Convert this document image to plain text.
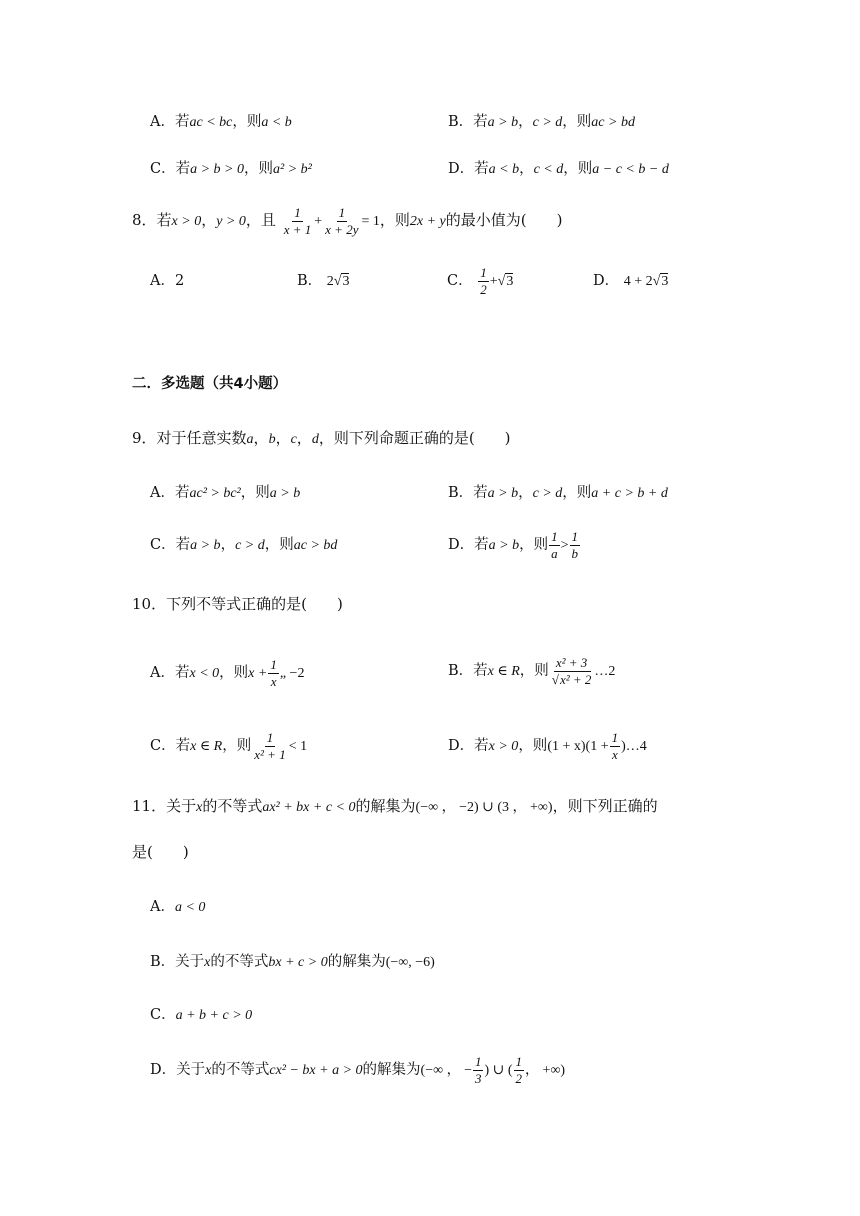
A．若ac < bc，则a < b	B．若a > b，c > d，则ac > bd
C．若a > b > 0，则a² > b²	D．若a < b，c < d，则a − c < b − d
8．若x > 0，y > 0，且 $\frac{1}{x + 1} + \frac{1}{x + 2y} = 1$，则2x + y的最小值为(　　)
A．2	B． 2√3	C． $\frac{1}{2} +√3$	D． 4 + 2√3
二．多选题（共4小题）
9．对于任意实数a，b，c，d，则下列命题正确的是(　　)
A．若ac² > bc²，则a > b	B．若a > b，c > d，则a + c > b + d
C．若a > b，c > d，则ac > bd	D．若a > b，则 $\frac{1}{a} > \frac{1}{b}$
10．下列不等式正确的是(　　)
A．若x < 0，则$x + \frac{1}{x}$ „ −2	B．若x ∈ R，则 $\frac{\text{x² + 3}}{\text{√x² + 2}}$ …2
C．若x ∈ R，则 $\frac{1}{\text{x² + 1}} < 1$	D．若x > 0，则$(1 + x)(1 + \frac{1}{x}$ )…4
11．关于x的不等式ax² + bx + c < 0的解集为(−∞ ， −2) ∪ (3 ， +∞)，则下列正确的
是(　　)
A．a < 0
B．关于x的不等式bx + c > 0的解集为(−∞, −6)
C．a + b + c > 0
D．关于x的不等式cx² − bx + a > 0的解集为(−∞ ， − $\frac{1}{3}$ ) ∪ ( $\frac{1}{2}$ ， +∞)
